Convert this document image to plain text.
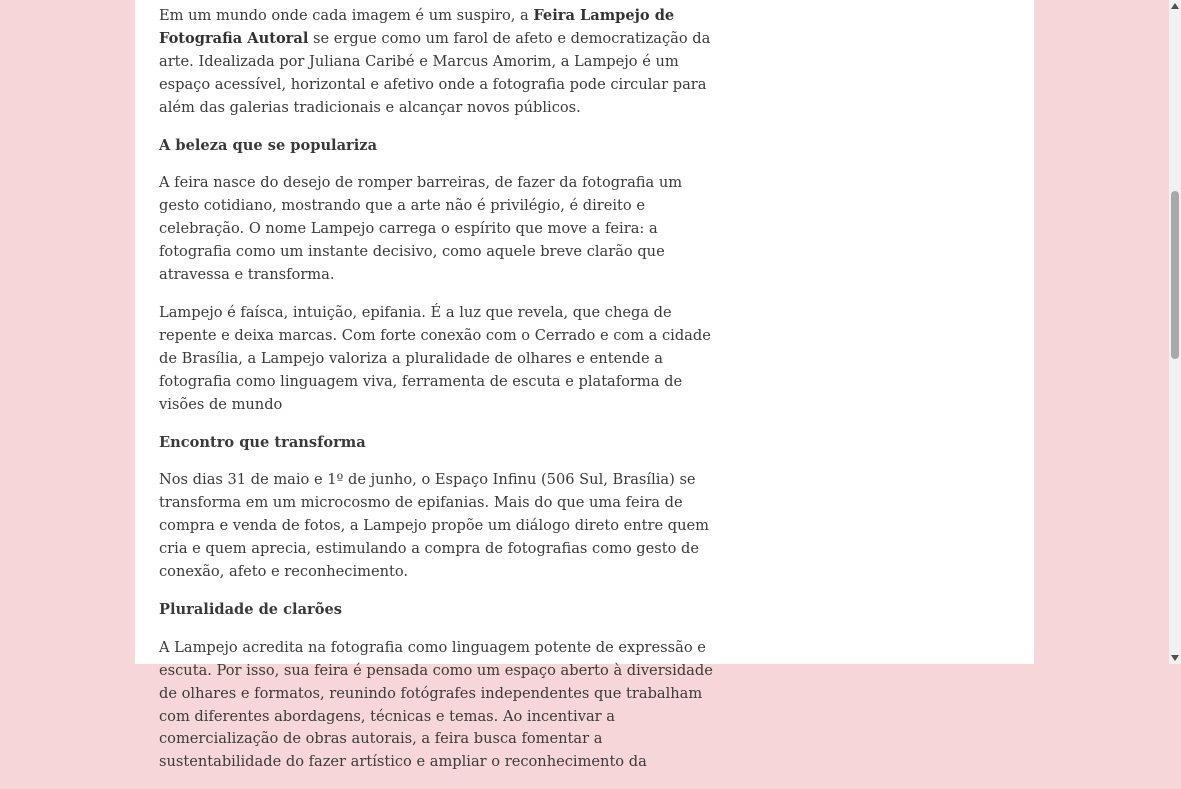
Em um mundo onde cada imagem é um suspiro, a Feira Lampejo de Fotografia Autoral se ergue como um farol de afeto e democratização da arte. Idealizada por Juliana Caribé e Marcus Amorim, a Lampejo é um espaço acessível, horizontal e afetivo onde a fotografia pode circular para além das galerias tradicionais e alcançar novos públicos.

A beleza que se populariza

A feira nasce do desejo de romper barreiras, de fazer da fotografia um gesto cotidiano, mostrando que a arte não é privilégio, é direito e celebração. O nome Lampejo carrega o espírito que move a feira: a fotografia como um instante decisivo, como aquele breve clarão que atravessa e transforma.

Lampejo é faísca, intuição, epifania. É a luz que revela, que chega de repente e deixa marcas. Com forte conexão com o Cerrado e com a cidade de Brasília, a Lampejo valoriza a pluralidade de olhares e entende a fotografia como linguagem viva, ferramenta de escuta e plataforma de visões de mundo

Encontro que transforma

Nos dias 31 de maio e 1º de junho, o Espaço Infinu (506 Sul, Brasília) se transforma em um microcosmo de epifanias. Mais do que uma feira de compra e venda de fotos, a Lampejo propõe um diálogo direto entre quem cria e quem aprecia, estimulando a compra de fotografias como gesto de conexão, afeto e reconhecimento.

Pluralidade de clarões

A Lampejo acredita na fotografia como linguagem potente de expressão e escuta. Por isso, sua feira é pensada como um espaço aberto à diversidade de olhares e formatos, reunindo fotógrafes independentes que trabalham com diferentes abordagens, técnicas e temas. Ao incentivar a comercialização de obras autorais, a feira busca fomentar a sustentabilidade do fazer artístico e ampliar o reconhecimento da
